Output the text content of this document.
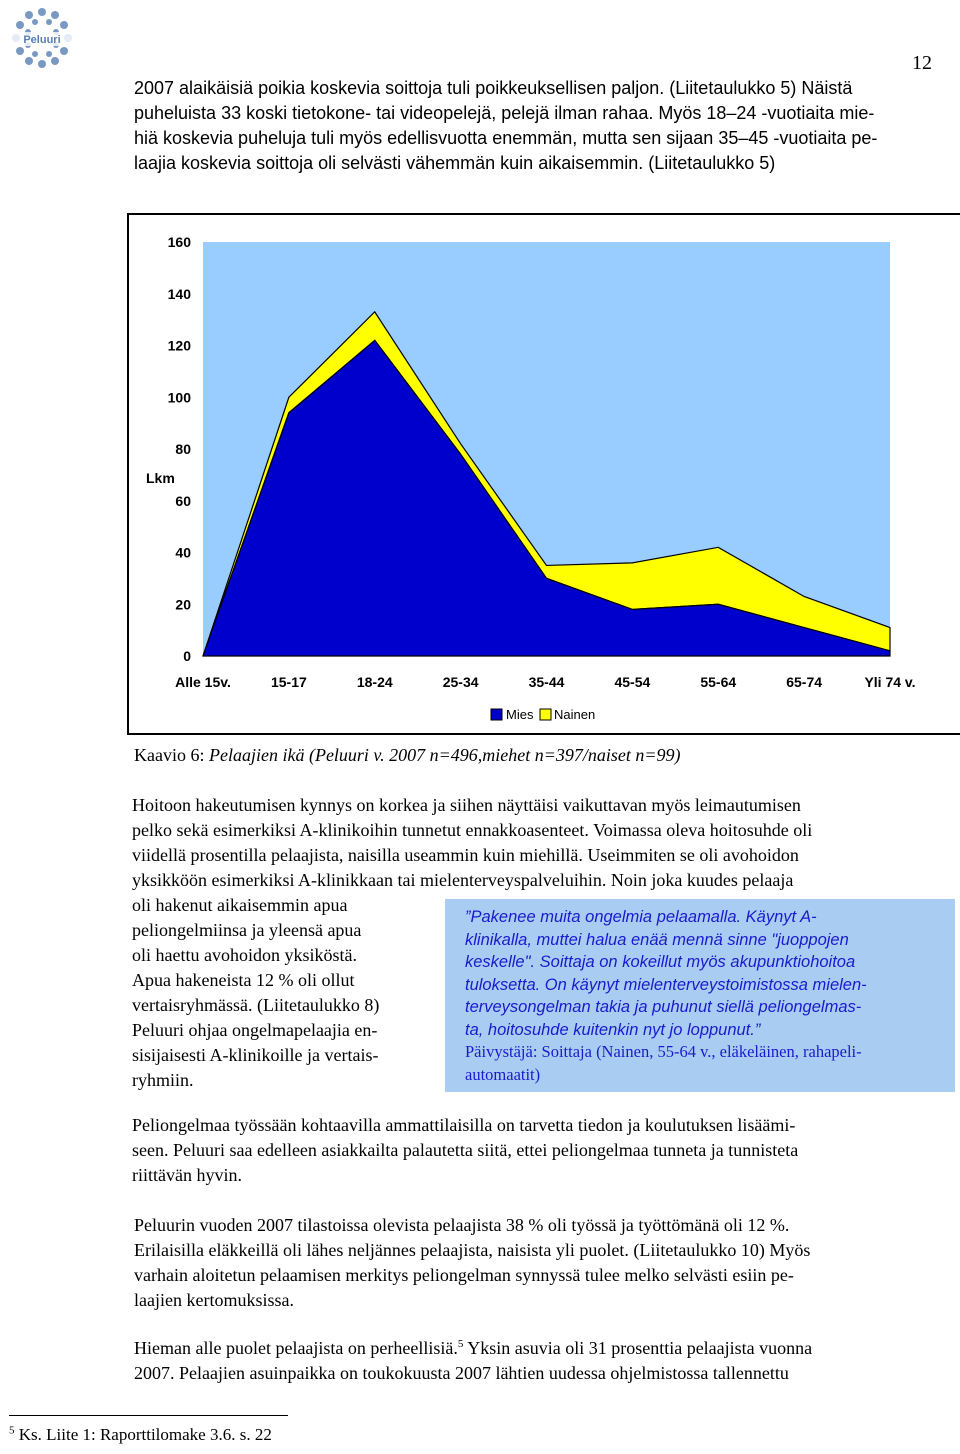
Peluuri
12
2007 alaikäisiä poikia koskevia soittoja tuli poikkeuksellisen paljon. (Liitetaulukko 5) Näistä
puheluista 33 koski tietokone- tai videopelejä, pelejä ilman rahaa. Myös 18–24 -vuotiaita mie-
hiä koskevia puheluja tuli myös edellisvuotta enemmän, mutta sen sijaan 35–45 -vuotiaita pe-
laajia koskevia soittoja oli selvästi vähemmän kuin aikaisemmin. (Liitetaulukko 5)
0
20
40
60
80
100
120
140
160
Lkm
Alle 15v.	15-17	18-24	25-34	35-44	45-54	55-64	65-74	Yli 74 v.
Mies Nainen
Kaavio 6: Pelaajien ikä (Peluuri v. 2007 n=496,miehet n=397/naiset n=99)
Hoitoon hakeutumisen kynnys on korkea ja siihen näyttäisi vaikuttavan myös leimautumisen
pelko sekä esimerkiksi A-klinikoihin tunnetut ennakkoasenteet. Voimassa oleva hoitosuhde oli
viidellä prosentilla pelaajista, naisilla useammin kuin miehillä. Useimmiten se oli avohoidon
yksikköön esimerkiksi A-klinikkaan tai mielenterveyspalveluihin. Noin joka kuudes pelaaja
oli hakenut aikaisemmin apua
peliongelmiinsa ja yleensä apua
oli haettu avohoidon yksiköstä.
Apua hakeneista 12 % oli ollut
vertaisryhmässä. (Liitetaulukko 8)
Peluuri ohjaa ongelmapelaajia en-
sisijaisesti A-klinikoille ja vertais-
ryhmiin.

”Pakenee muita ongelmia pelaamalla. Käynyt A-
klinikalla, muttei halua enää mennä sinne "juoppojen
keskelle". Soittaja on kokeillut myös akupunktiohoitoa
tuloksetta. On käynyt mielenterveystoimistossa mielen-
terveysongelman takia ja puhunut siellä peliongelmas-
ta, hoitosuhde kuitenkin nyt jo loppunut.”

Päivystäjä: Soittaja (Nainen, 55-64 v., eläkeläinen, rahapeli-
automaatit)

Peliongelmaa työssään kohtaavilla ammattilaisilla on tarvetta tiedon ja koulutuksen lisäämi-
seen. Peluuri saa edelleen asiakkailta palautetta siitä, ettei peliongelmaa tunneta ja tunnisteta
riittävän hyvin.
Peluurin vuoden 2007 tilastoissa olevista pelaajista 38 % oli työssä ja työttömänä oli 12 %.
Erilaisilla eläkkeillä oli lähes neljännes pelaajista, naisista yli puolet. (Liitetaulukko 10) Myös
varhain aloitetun pelaamisen merkitys peliongelman synnyssä tulee melko selvästi esiin pe-
laajien kertomuksissa.
Hieman alle puolet pelaajista on perheellisiä.$^5$ Yksin asuvia oli 31 prosenttia pelaajista vuonna
2007. Pelaajien asuinpaikka on toukokuusta 2007 lähtien uudessa ohjelmistossa tallennettu
$^5$ Ks. Liite 1: Raporttilomake 3.6. s. 22
